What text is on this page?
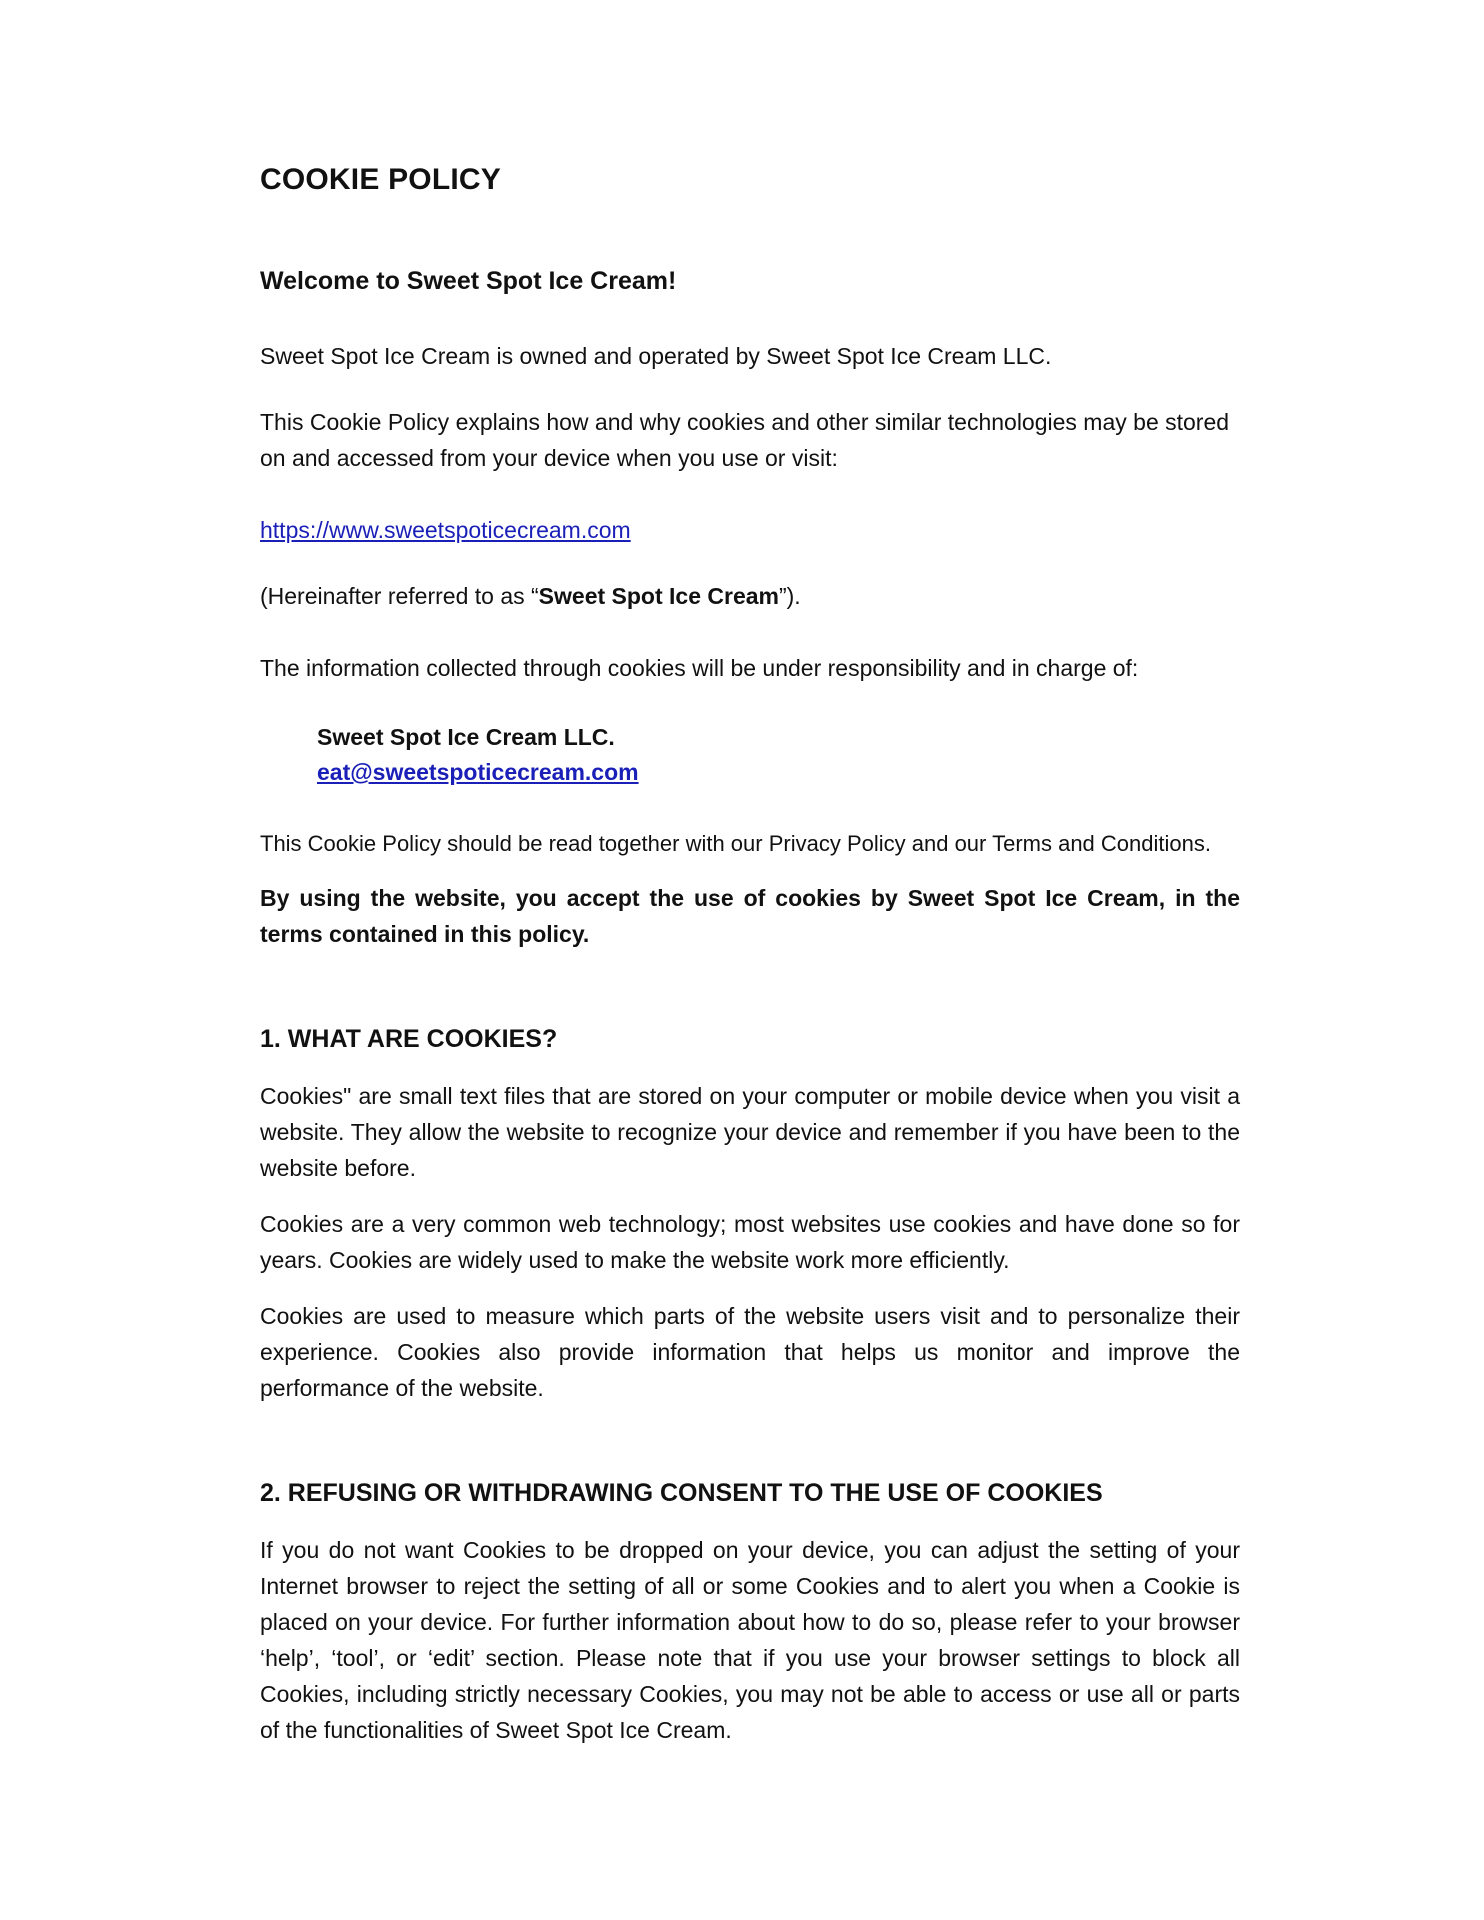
COOKIE POLICY
Welcome to Sweet Spot Ice Cream!

Sweet Spot Ice Cream is owned and operated by Sweet Spot Ice Cream LLC.

This Cookie Policy explains how and why cookies and other similar technologies may be stored on and accessed from your device when you use or visit:

https://www.sweetspoticecream.com

(Hereinafter referred to as “Sweet Spot Ice Cream”).

The information collected through cookies will be under responsibility and in charge of:

Sweet Spot Ice Cream LLC.
eat@sweetspoticecream.com

This Cookie Policy should be read together with our Privacy Policy and our Terms and Conditions.

By using the website, you accept the use of cookies by Sweet Spot Ice Cream, in the terms contained in this policy.

1. WHAT ARE COOKIES?

Cookies" are small text files that are stored on your computer or mobile device when you visit a website. They allow the website to recognize your device and remember if you have been to the website before.

Cookies are a very common web technology; most websites use cookies and have done so for years. Cookies are widely used to make the website work more efficiently.

Cookies are used to measure which parts of the website users visit and to personalize their experience. Cookies also provide information that helps us monitor and improve the performance of the website.

2. REFUSING OR WITHDRAWING CONSENT TO THE USE OF COOKIES

If you do not want Cookies to be dropped on your device, you can adjust the setting of your Internet browser to reject the setting of all or some Cookies and to alert you when a Cookie is placed on your device. For further information about how to do so, please refer to your browser ‘help’, ‘tool’, or ‘edit’ section. Please note that if you use your browser settings to block all Cookies, including strictly necessary Cookies, you may not be able to access or use all or parts of the functionalities of Sweet Spot Ice Cream.
